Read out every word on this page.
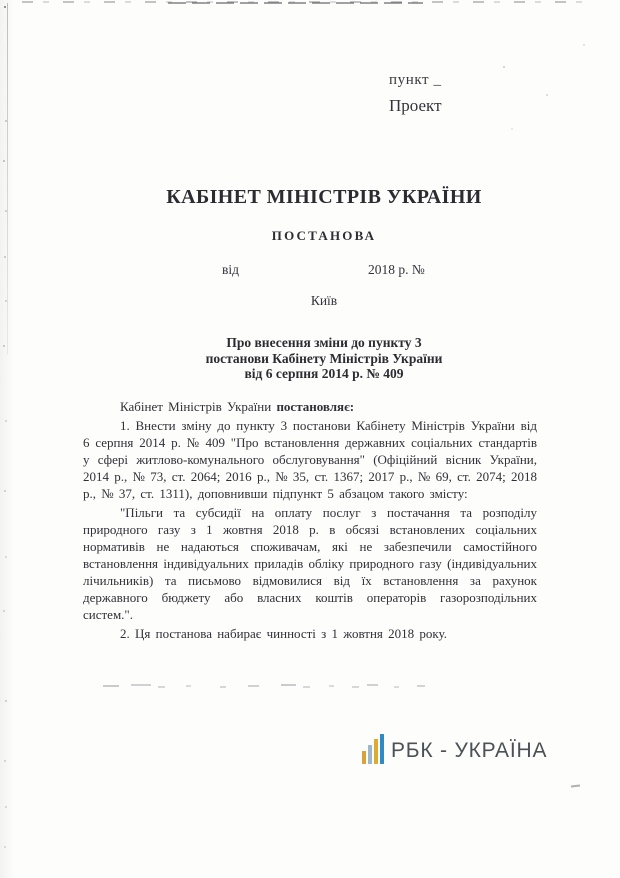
пункт _
Проект
КАБІНЕТ МІНІСТРІВ УКРАЇНИ
ПОСТАНОВА
від	2018 р. №
Київ
Про внесення зміни до пункту 3
постанови Кабінету Міністрів України
від 6 серпня 2014 р. № 409

Кабінет Міністрів України постановляє:

1. Внести зміну до пункту 3 постанови Кабінету Міністрів України від 6 серпня 2014 р. № 409 "Про встановлення державних соціальних стандартів у сфері житлово-комунального обслуговування" (Офіційний вісник України, 2014 р., № 73, ст. 2064; 2016 р., № 35, ст. 1367; 2017 р., № 69, ст. 2074; 2018 р., № 37, ст. 1311), доповнивши підпункт 5 абзацом такого змісту:

"Пільги та субсидії на оплату послуг з постачання та розподілу природного газу з 1 жовтня 2018 р. в обсязі встановлених соціальних нормативів не надаються споживачам, які не забезпечили самостійного встановлення індивідуальних приладів обліку природного газу (індивідуальних лічильників) та письмово відмовилися від їх встановлення за рахунок державного бюджету або власних коштів операторів газорозподільних систем.".

2. Ця постанова набирає чинності з 1 жовтня 2018 року.

РБК - УКРАЇНА
